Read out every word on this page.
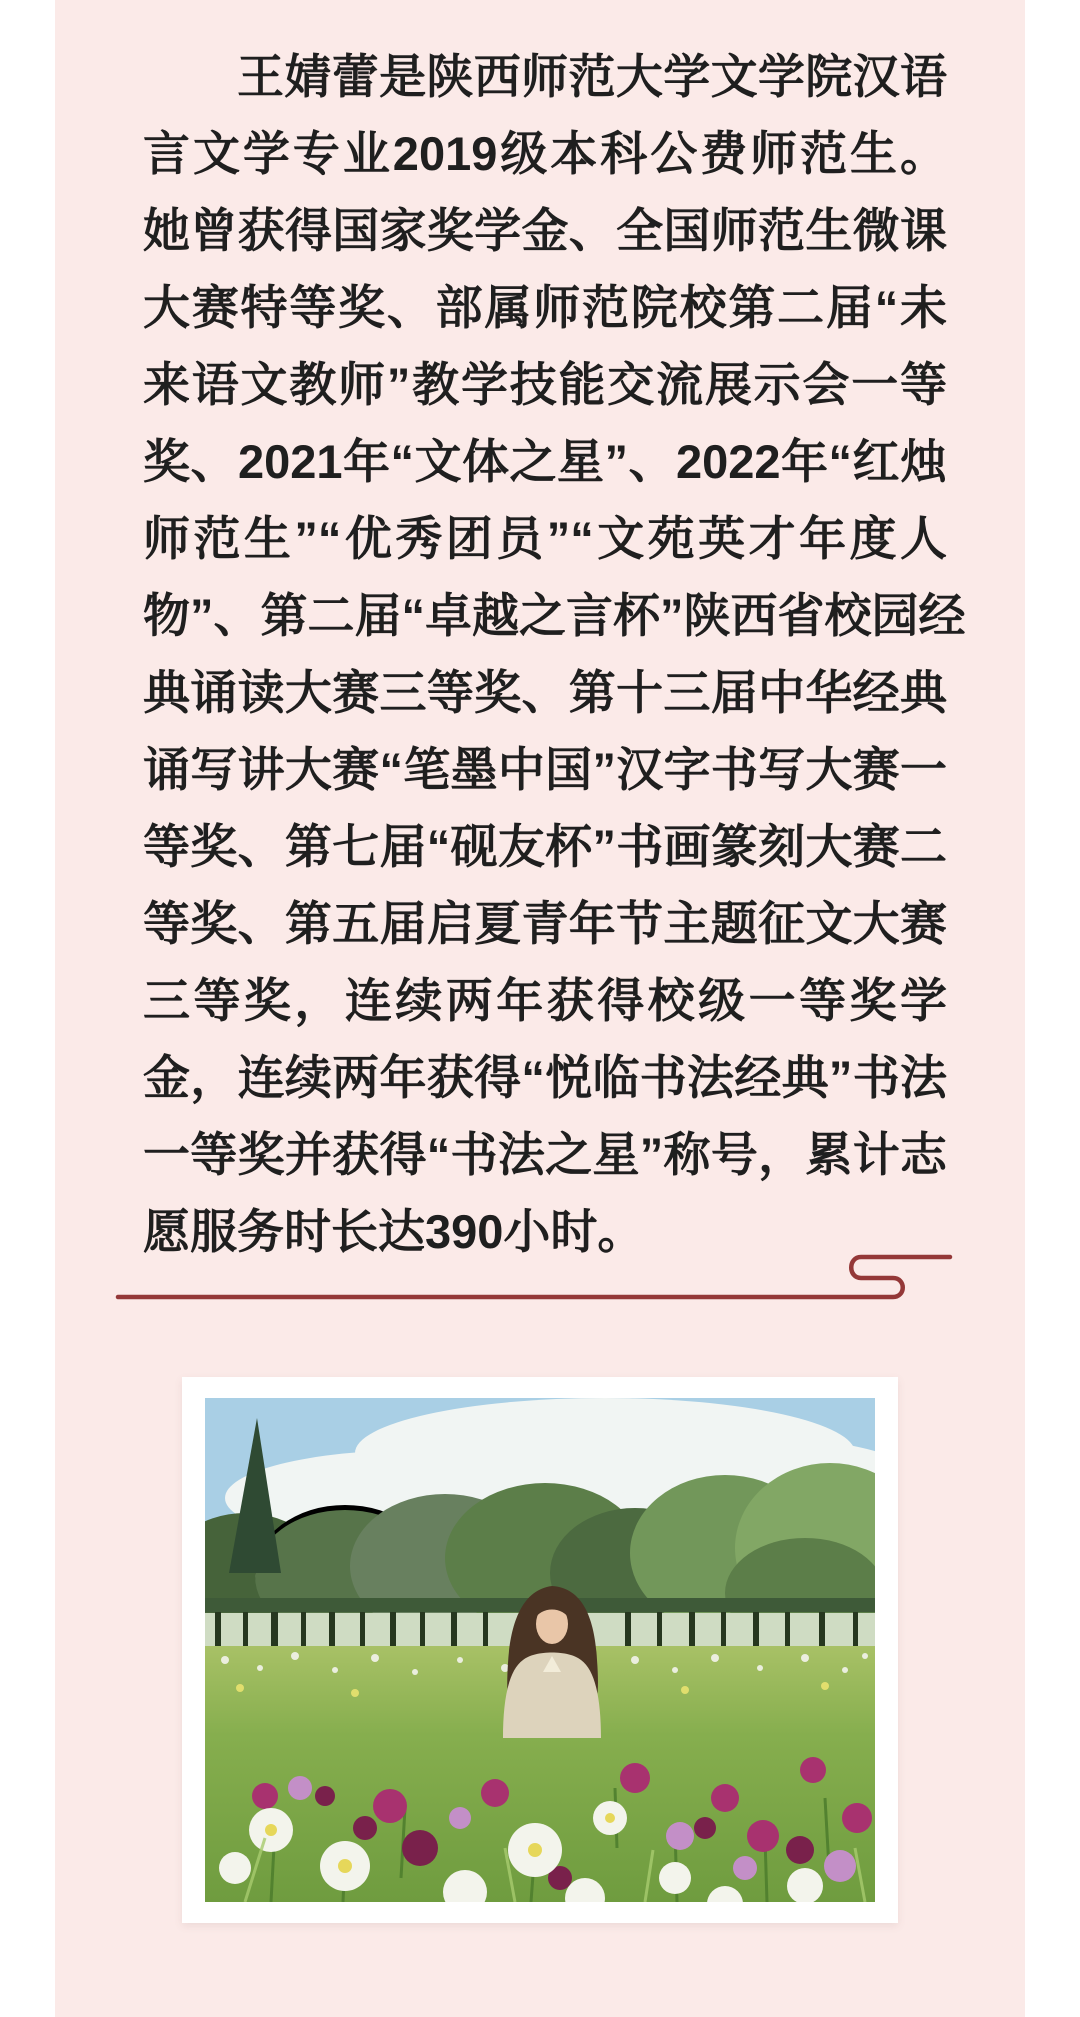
王婧蕾是陕西师范大学文学院汉语
言文学专业2019级本科公费师范生。
她曾获得国家奖学金、全国师范生微课
大赛特等奖、部属师范院校第二届“未
来语文教师”教学技能交流展示会一等
奖、2021年“文体之星”、2022年“红烛
师范生”“优秀团员”“文苑英才年度人
物”、第二届“卓越之言杯”陕西省校园经
典诵读大赛三等奖、第十三届中华经典
诵写讲大赛“笔墨中国”汉字书写大赛一
等奖、第七届“砚友杯”书画篆刻大赛二
等奖、第五届启夏青年节主题征文大赛
三等奖，连续两年获得校级一等奖学
金，连续两年获得“悦临书法经典”书法
一等奖并获得“书法之星”称号，累计志
愿服务时长达390小时。
